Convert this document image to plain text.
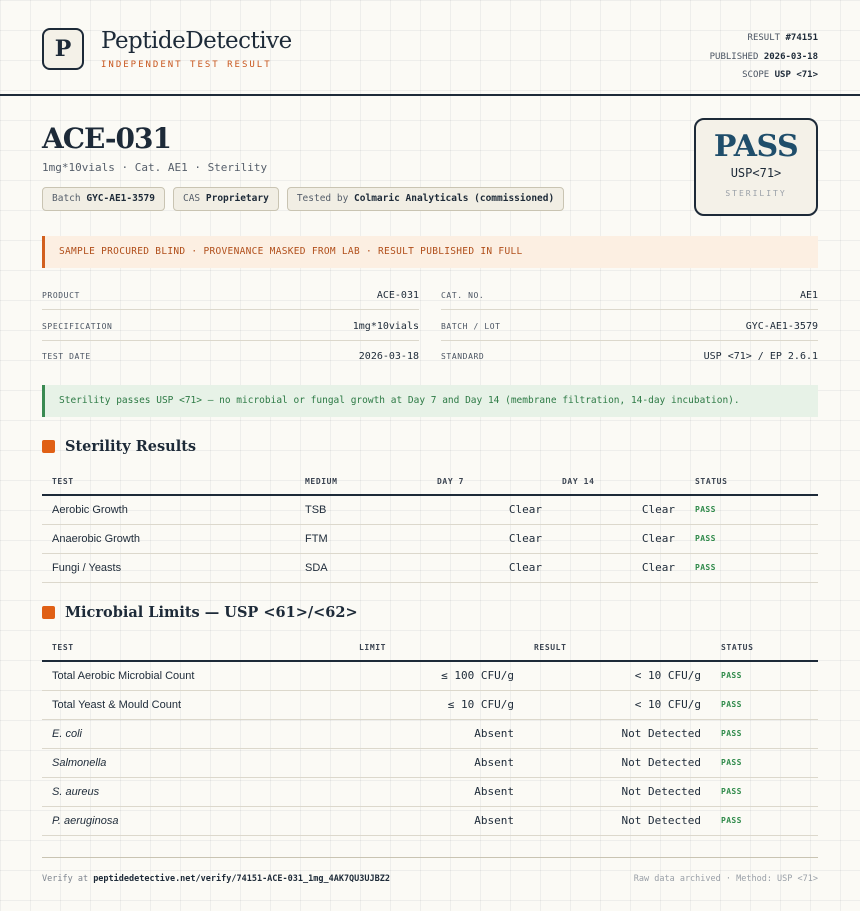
P	PeptideDetective
INDEPENDENT TEST RESULT
RESULT #74151
PUBLISHED 2026-03-18
SCOPE USP <71>
ACE-031
1mg*10vials · Cat. AE1 · Sterility
Batch GYC-AE1-3579	CAS Proprietary	Tested by Colmaric Analyticals (commissioned)
PASS
USP<71>
STERILITY
SAMPLE PROCURED BLIND · PROVENANCE MASKED FROM LAB · RESULT PUBLISHED IN FULL
PRODUCT	ACE-031	CAT. NO.	AE1
SPECIFICATION	1mg*10vials	BATCH / LOT	GYC-AE1-3579
TEST DATE	2026-03-18	STANDARD	USP <71> / EP 2.6.1
Sterility passes USP <71> — no microbial or fungal growth at Day 7 and Day 14 (membrane filtration, 14-day incubation).
Sterility Results
TEST	MEDIUM	DAY 7	DAY 14	STATUS
Aerobic Growth	TSB	Clear	Clear	PASS
Anaerobic Growth	FTM	Clear	Clear	PASS
Fungi / Yeasts	SDA	Clear	Clear	PASS
Microbial Limits — USP <61>/<62>
TEST	LIMIT	RESULT	STATUS
Total Aerobic Microbial Count	≤ 100 CFU/g	< 10 CFU/g	PASS
Total Yeast & Mould Count	≤ 10 CFU/g	< 10 CFU/g	PASS
E. coli	Absent	Not Detected	PASS
Salmonella	Absent	Not Detected	PASS
S. aureus	Absent	Not Detected	PASS
P. aeruginosa	Absent	Not Detected	PASS
Verify at peptidedetective.net/verify/74151-ACE-031_1mg_4AK7QU3UJBZ2	Raw data archived · Method: USP <71>
